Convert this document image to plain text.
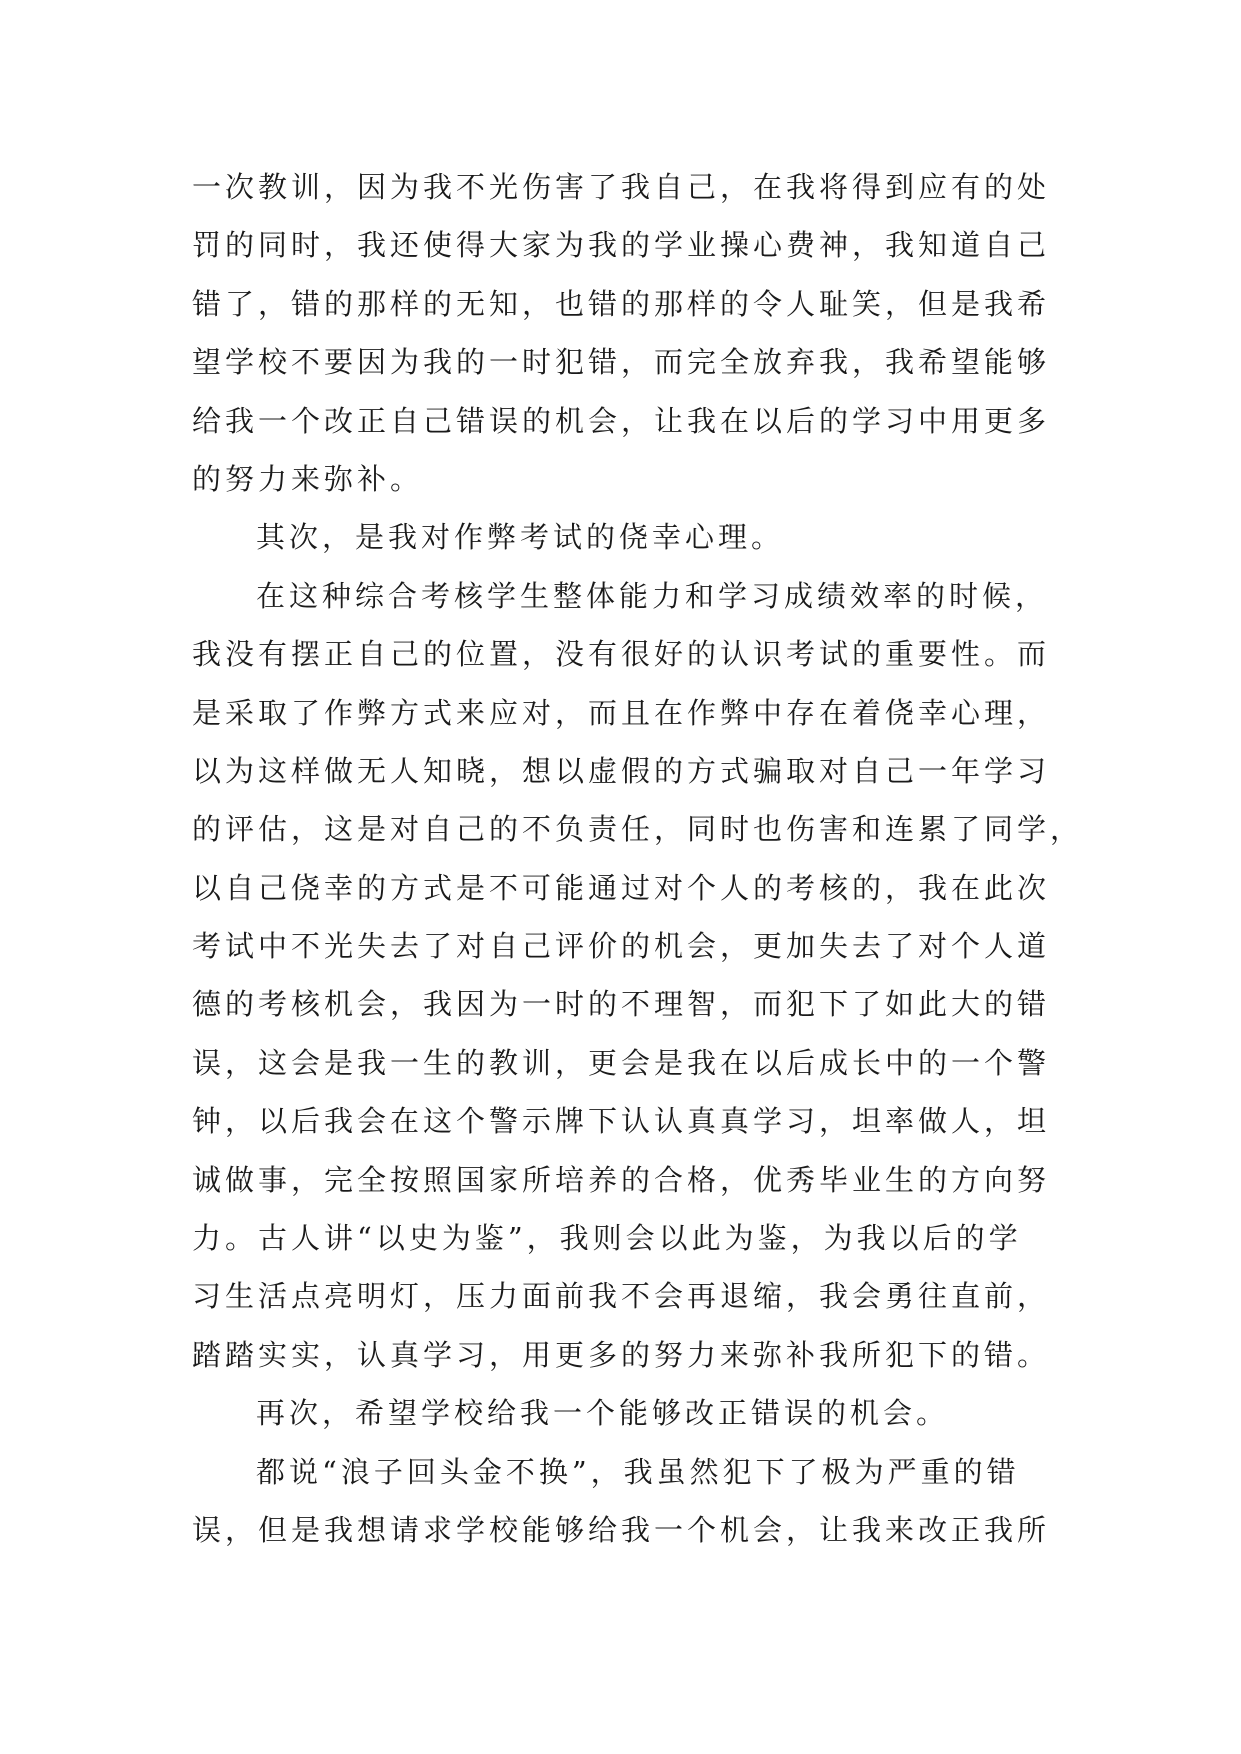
一次教训，因为我不光伤害了我自己，在我将得到应有的处
罚的同时，我还使得大家为我的学业操心费神，我知道自己
错了，错的那样的无知，也错的那样的令人耻笑，但是我希
望学校不要因为我的一时犯错，而完全放弃我，我希望能够
给我一个改正自己错误的机会，让我在以后的学习中用更多
的努力来弥补。
其次，是我对作弊考试的侥幸心理。
在这种综合考核学生整体能力和学习成绩效率的时候，
我没有摆正自己的位置，没有很好的认识考试的重要性。而
是采取了作弊方式来应对，而且在作弊中存在着侥幸心理，
以为这样做无人知晓，想以虚假的方式骗取对自己一年学习
的评估，这是对自己的不负责任，同时也伤害和连累了同学，
以自己侥幸的方式是不可能通过对个人的考核的，我在此次
考试中不光失去了对自己评价的机会，更加失去了对个人道
德的考核机会，我因为一时的不理智，而犯下了如此大的错
误，这会是我一生的教训，更会是我在以后成长中的一个警
钟，以后我会在这个警示牌下认认真真学习，坦率做人，坦
诚做事，完全按照国家所培养的合格，优秀毕业生的方向努
力。古人讲“以史为鉴”，我则会以此为鉴，为我以后的学
习生活点亮明灯，压力面前我不会再退缩，我会勇往直前，
踏踏实实，认真学习，用更多的努力来弥补我所犯下的错。
再次，希望学校给我一个能够改正错误的机会。
都说“浪子回头金不换”，我虽然犯下了极为严重的错
误，但是我想请求学校能够给我一个机会，让我来改正我所
